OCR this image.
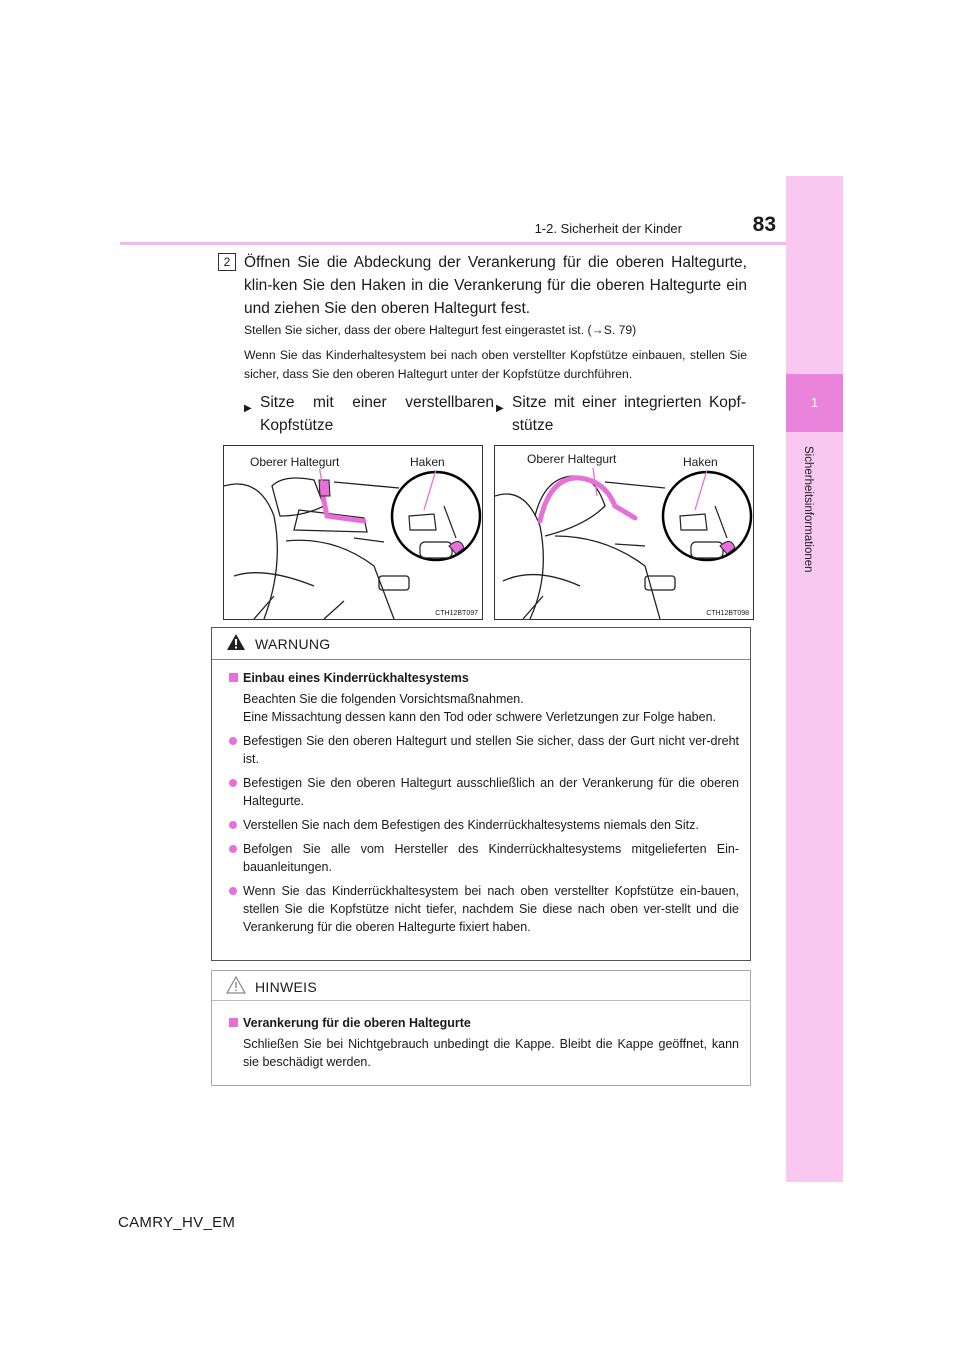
1
Sicherheitsinformationen
1-2. Sicherheit der Kinder	83
2 Öffnen Sie die Abdeckung der Verankerung für die oberen Haltegurte, klin-ken Sie den Haken in die Verankerung für die oberen Haltegurte ein und ziehen Sie den oberen Haltegurt fest.
Stellen Sie sicher, dass der obere Haltegurt fest eingerastet ist. (→S. 79)
Wenn Sie das Kinderhaltesystem bei nach oben verstellter Kopfstütze einbauen, stellen Sie sicher, dass Sie den oberen Haltegurt unter der Kopfstütze durchführen.
▶ Sitze mit einer verstellbaren Kopfstütze
▶ Sitze mit einer integrierten Kopf-stütze
Oberer Haltegurt	Haken
CTH12BT097
Oberer Haltegurt	Haken
CTH12BT098
WARNUNG
Einbau eines Kinderrückhaltesystems
Beachten Sie die folgenden Vorsichtsmaßnahmen.
Eine Missachtung dessen kann den Tod oder schwere Verletzungen zur Folge haben.
Befestigen Sie den oberen Haltegurt und stellen Sie sicher, dass der Gurt nicht ver-dreht ist.
Befestigen Sie den oberen Haltegurt ausschließlich an der Verankerung für die oberen Haltegurte.
Verstellen Sie nach dem Befestigen des Kinderrückhaltesystems niemals den Sitz.
Befolgen Sie alle vom Hersteller des Kinderrückhaltesystems mitgelieferten Ein-bauanleitungen.
Wenn Sie das Kinderrückhaltesystem bei nach oben verstellter Kopfstütze ein-bauen, stellen Sie die Kopfstütze nicht tiefer, nachdem Sie diese nach oben ver-stellt und die Verankerung für die oberen Haltegurte fixiert haben.
HINWEIS
Verankerung für die oberen Haltegurte
Schließen Sie bei Nichtgebrauch unbedingt die Kappe. Bleibt die Kappe geöffnet, kann sie beschädigt werden.
CAMRY_HV_EM
